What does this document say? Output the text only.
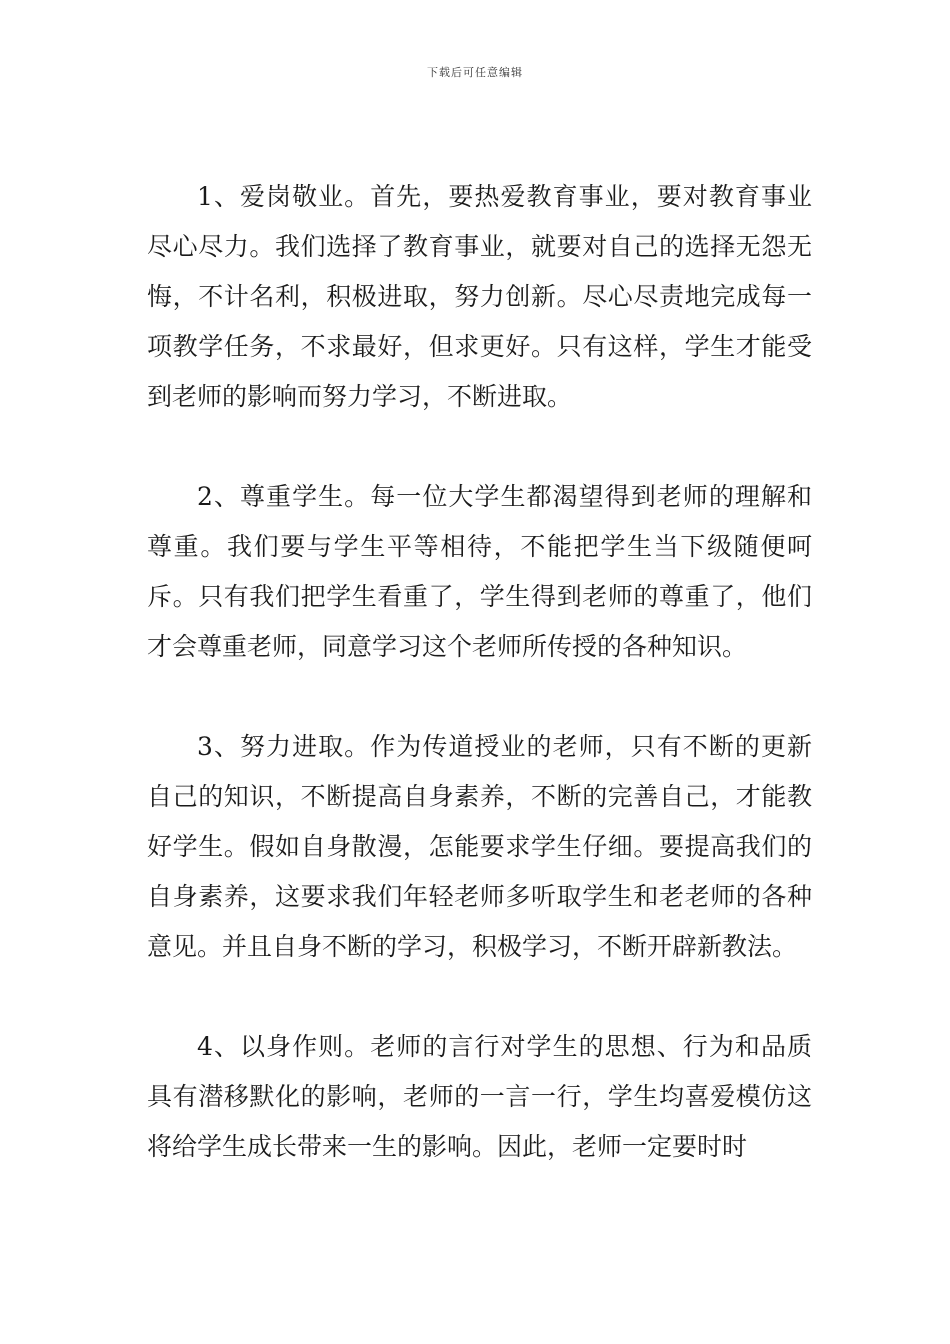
下载后可任意编辑

1、爱岗敬业。首先，要热爱教育事业，要对教育事业尽心尽力。我们选择了教育事业，就要对自己的选择无怨无悔，不计名利，积极进取，努力创新。尽心尽责地完成每一项教学任务，不求最好，但求更好。只有这样，学生才能受到老师的影响而努力学习，不断进取。

2、尊重学生。每一位大学生都渴望得到老师的理解和尊重。我们要与学生平等相待，不能把学生当下级随便呵斥。只有我们把学生看重了，学生得到老师的尊重了，他们才会尊重老师，同意学习这个老师所传授的各种知识。

3、努力进取。作为传道授业的老师，只有不断的更新自己的知识，不断提高自身素养，不断的完善自己，才能教好学生。假如自身散漫，怎能要求学生仔细。要提高我们的自身素养，这要求我们年轻老师多听取学生和老老师的各种意见。并且自身不断的学习，积极学习，不断开辟新教法。

4、以身作则。老师的言行对学生的思想、行为和品质具有潜移默化的影响，老师的一言一行，学生均喜爱模仿这将给学生成长带来一生的影响。因此，老师一定要时时
